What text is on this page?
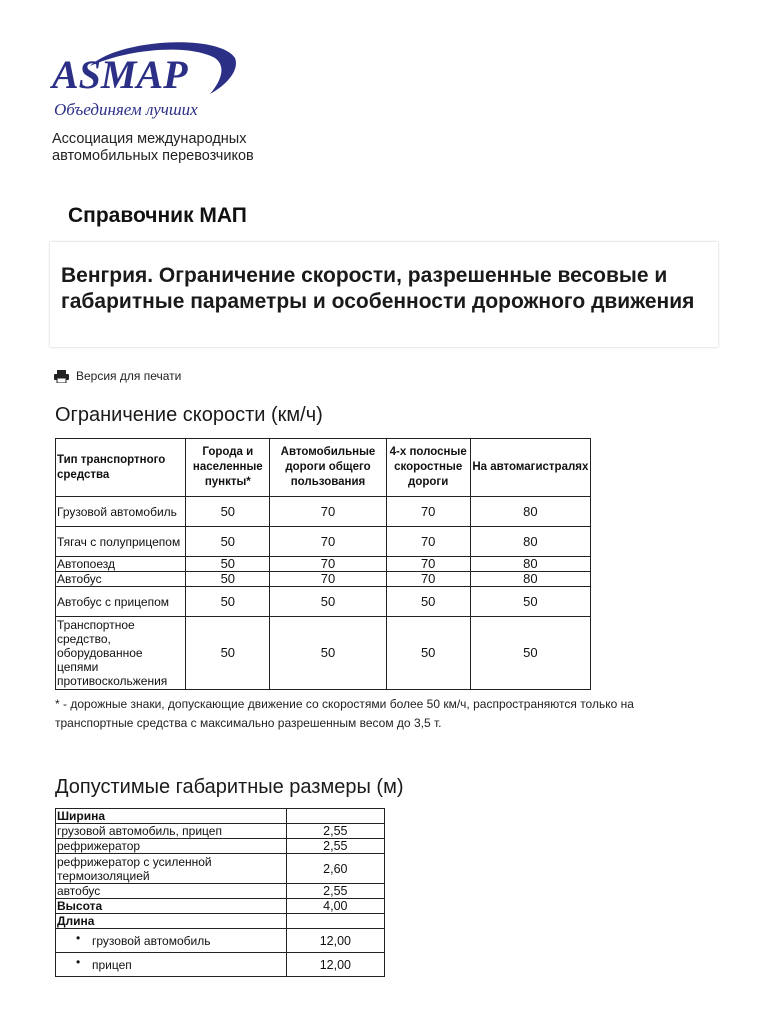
ASMAP
Объединяем лучших
Ассоциация международных
автомобильных перевозчиков
Справочник МАП
Венгрия. Ограничение скорости, разрешенные весовые и габаритные параметры и особенности дорожного движения
Версия для печати
Ограничение скорости (км/ч)
Тип транспортного средства	Города и населенные пункты*	Автомобильные дороги общего пользования	4-х полосные скоростные дороги	На автомагистралях
Грузовой автомобиль	50	70	70	80
Тягач с полуприцепом	50	70	70	80
Автопоезд	50	70	70	80
Автобус	50	70	70	80
Автобус с прицепом	50	50	50	50
Транспортное средство, оборудованное цепями противоскольжения	50	50	50	50
* - дорожные знаки, допускающие движение со скоростями более 50 км/ч, распространяются только на транспортные средства с максимально разрешенным весом до 3,5 т.
Допустимые габаритные размеры (м)
Ширина	
грузовой автомобиль, прицеп	2,55
рефрижератор	2,55
рефрижератор с усиленной термоизоляцией	2,60
автобус	2,55
Высота	4,00
Длина	
• грузовой автомобиль	12,00
• прицеп	12,00
